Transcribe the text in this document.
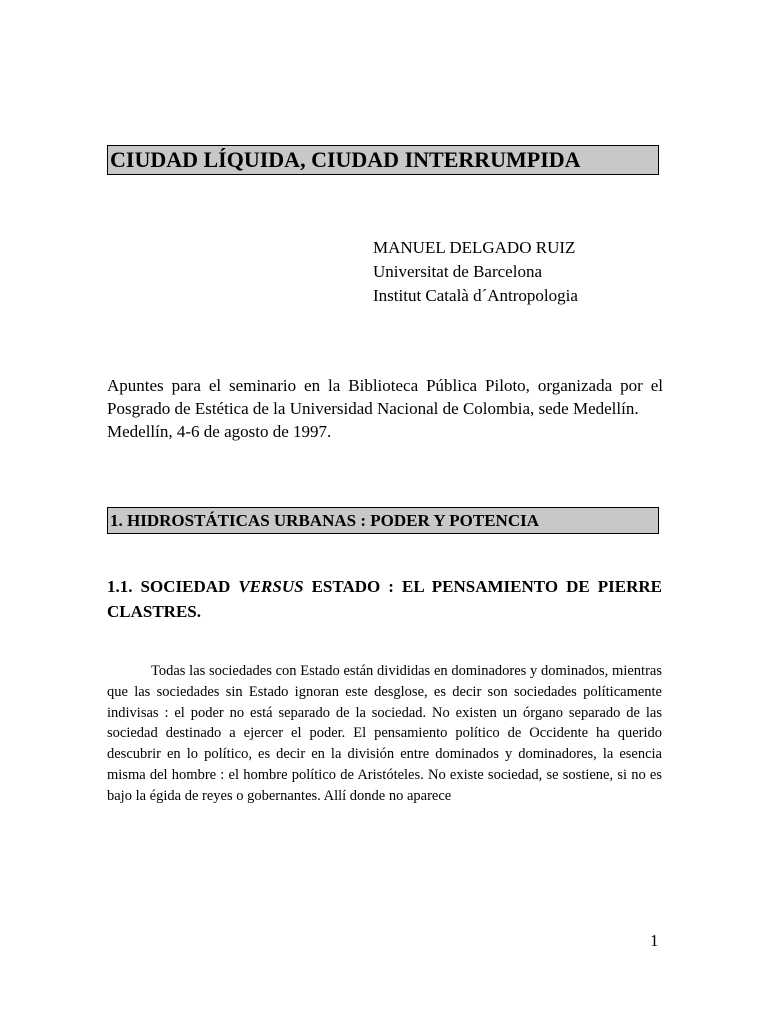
CIUDAD LÍQUIDA, CIUDAD INTERRUMPIDA
MANUEL DELGADO RUIZ
Universitat de Barcelona
Institut Català d´Antropologia

Apuntes para el seminario en la Biblioteca Pública Piloto, organizada por el Posgrado de Estética de la Universidad Nacional de Colombia, sede Medellín.

Medellín, 4-6 de agosto de 1997.

1. HIDROSTÁTICAS URBANAS : PODER Y POTENCIA
1.1. SOCIEDAD VERSUS ESTADO : EL PENSAMIENTO DE PIERRE CLASTRES.

Todas las sociedades con Estado están divididas en dominadores y dominados, mientras que las sociedades sin Estado ignoran este desglose, es decir son sociedades políticamente indivisas : el poder no está separado de la sociedad. No existen un órgano separado de las sociedad destinado a ejercer el poder. El pensamiento político de Occidente ha querido descubrir en lo político, es decir en la división entre dominados y dominadores, la esencia misma del hombre : el hombre político de Aristóteles. No existe sociedad, se sostiene, si no es bajo la égida de reyes o gobernantes. Allí donde no aparece

1
